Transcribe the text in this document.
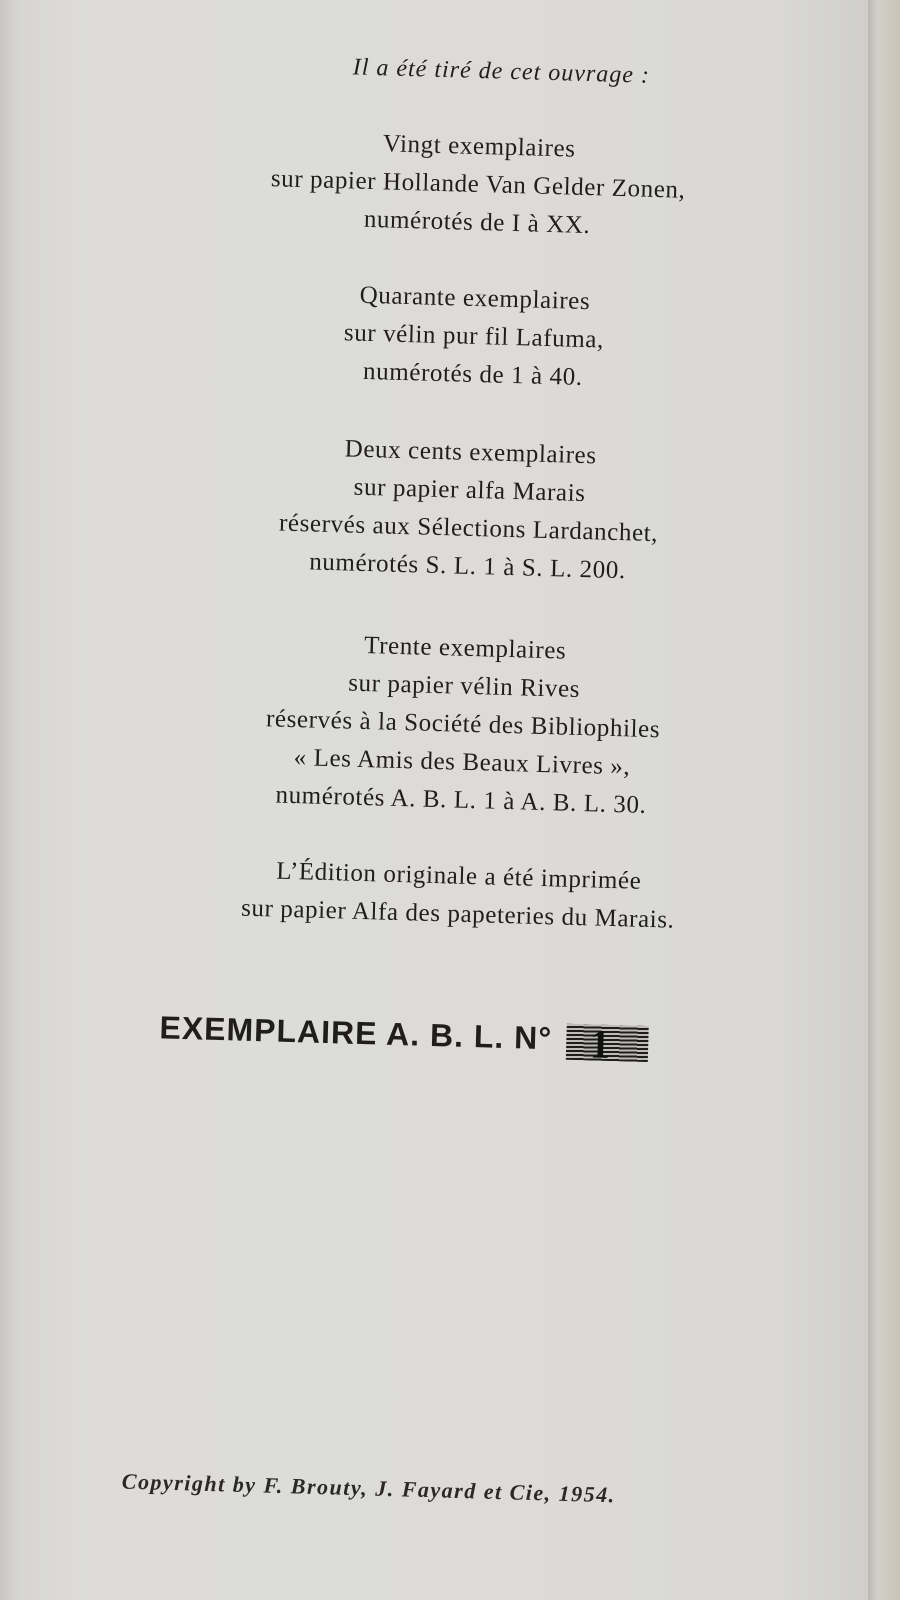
Il a été tiré de cet ouvrage :
Vingt exemplaires
sur papier Hollande Van Gelder Zonen,
numérotés de I à XX.
Quarante exemplaires
sur vélin pur fil Lafuma,
numérotés de 1 à 40.
Deux cents exemplaires
sur papier alfa Marais
réservés aux Sélections Lardanchet,
numérotés S. L. 1 à S. L. 200.
Trente exemplaires
sur papier vélin Rives
réservés à la Société des Bibliophiles
« Les Amis des Beaux Livres »,
numérotés A. B. L. 1 à A. B. L. 30.
L’Édition originale a été imprimée
sur papier Alfa des papeteries du Marais.
EXEMPLAIRE A. B. L. N° 1
Copyright by F. Brouty, J. Fayard et Cie, 1954.
